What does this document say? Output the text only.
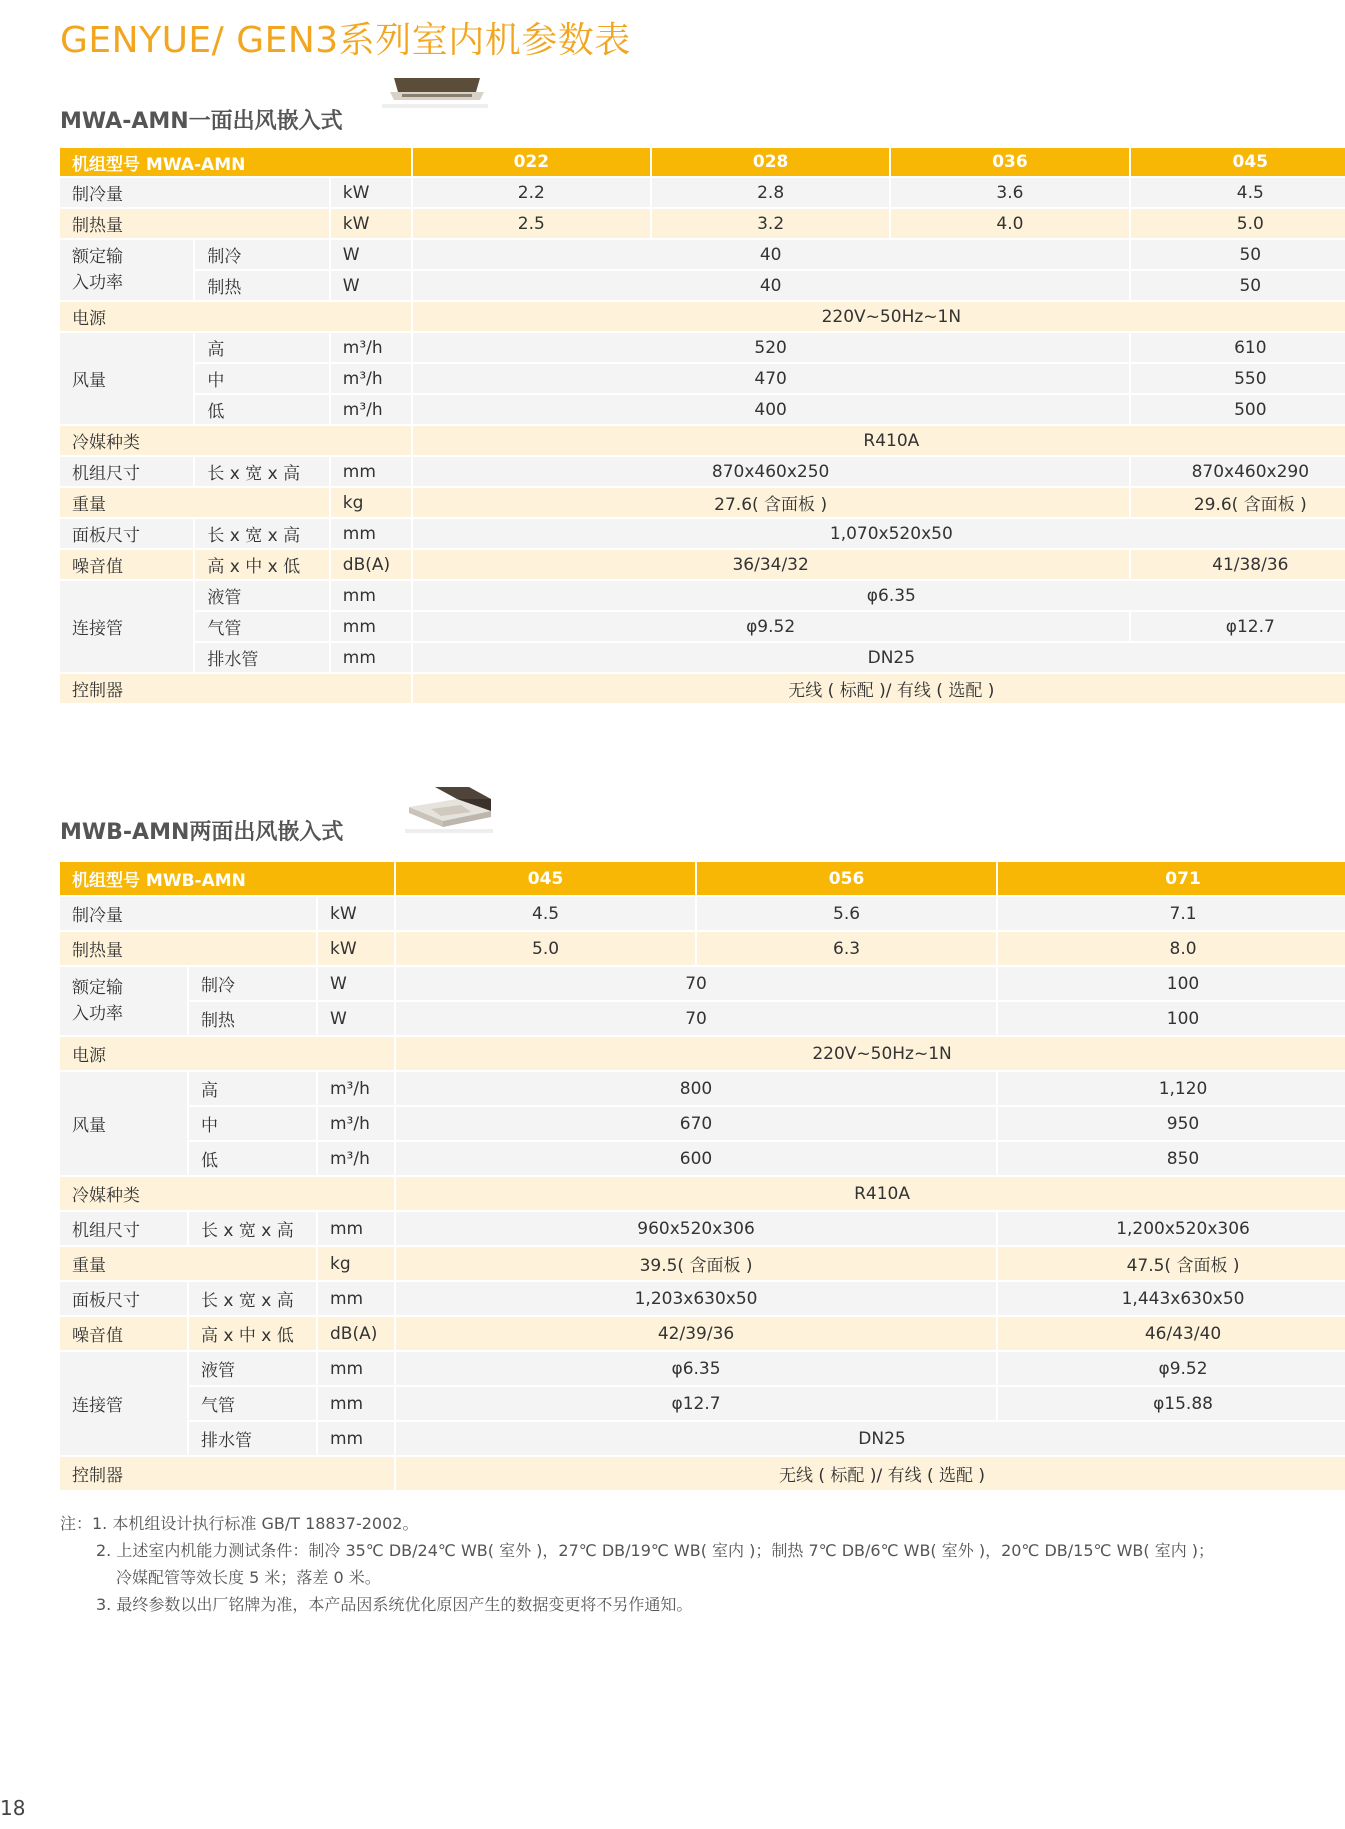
GENYUE/ GEN3系列室内机参数表
MWA-AMN一面出风嵌入式
机组型号 MWA-AMN			022	028	036	045
制冷量		kW	2.2	2.8	3.6	4.5
制热量		kW	2.5	3.2	4.0	5.0
额定输
入功率	制冷	W	40			50
	制热	W	40			50
电源			220V~50Hz~1N			
风量	高	m³/h	520			610
	中	m³/h	470			550
	低	m³/h	400			500
冷媒种类			R410A			
机组尺寸	长 x 宽 x 高	mm	870x460x250			870x460x290
重量		kg	27.6( 含面板 )			29.6( 含面板 )
面板尺寸	长 x 宽 x 高	mm	1,070x520x50			
噪音值	高 x 中 x 低	dB(A)	36/34/32			41/38/36
连接管	液管	mm	φ6.35			
	气管	mm	φ9.52			φ12.7
	排水管	mm	DN25			
控制器			无线 ( 标配 )/ 有线 ( 选配 )			
MWB-AMN两面出风嵌入式
机组型号 MWB-AMN			045	056	071
制冷量		kW	4.5	5.6	7.1
制热量		kW	5.0	6.3	8.0
额定输
入功率	制冷	W	70		100
	制热	W	70		100
电源			220V~50Hz~1N		
风量	高	m³/h	800		1,120
	中	m³/h	670		950
	低	m³/h	600		850
冷媒种类			R410A		
机组尺寸	长 x 宽 x 高	mm	960x520x306		1,200x520x306
重量		kg	39.5( 含面板 )		47.5( 含面板 )
面板尺寸	长 x 宽 x 高	mm	1,203x630x50		1,443x630x50
噪音值	高 x 中 x 低	dB(A)	42/39/36		46/43/40
连接管	液管	mm	φ6.35		φ9.52
	气管	mm	φ12.7		φ15.88
	排水管	mm	DN25		
控制器			无线 ( 标配 )/ 有线 ( 选配 )		
注：1. 本机组设计执行标准 GB/T 18837-2002。
2. 上述室内机能力测试条件：制冷 35℃ DB/24℃ WB( 室外 )，27℃ DB/19℃ WB( 室内 )；制热 7℃ DB/6℃ WB( 室外 )，20℃ DB/15℃ WB( 室内 )；
冷媒配管等效长度 5 米；落差 0 米。
3. 最终参数以出厂铭牌为准，本产品因系统优化原因产生的数据变更将不另作通知。
18
